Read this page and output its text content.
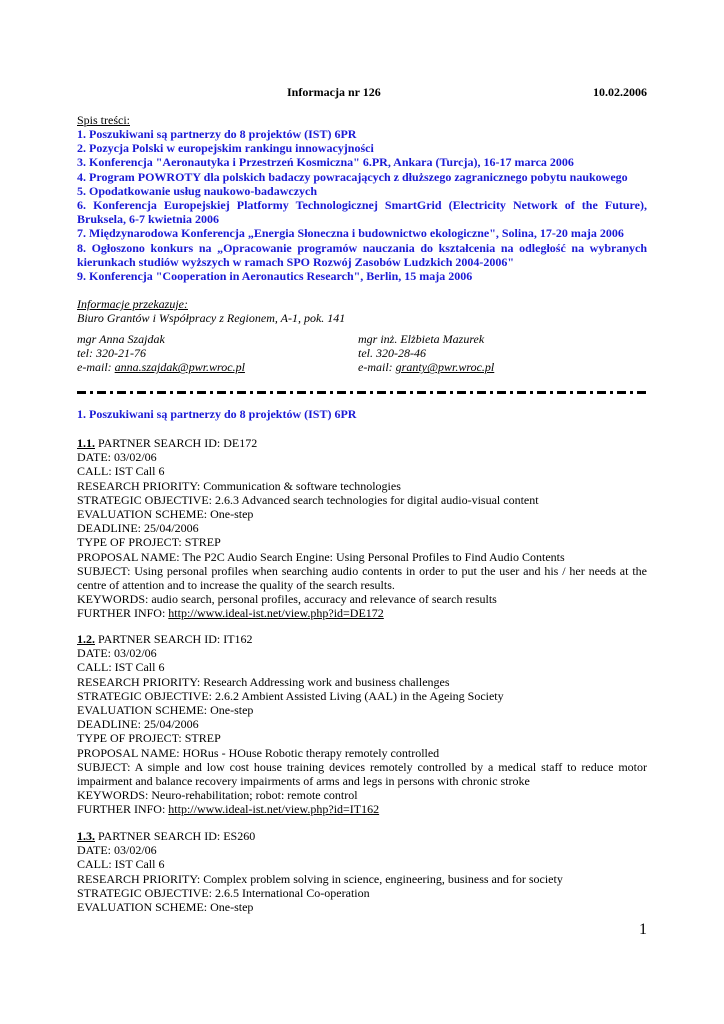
Informacja nr 126	10.02.2006
Spis treści:
1. Poszukiwani są partnerzy do 8 projektów (IST) 6PR
2. Pozycja Polski w europejskim rankingu innowacyjności
3. Konferencja "Aeronautyka i Przestrzeń Kosmiczna" 6.PR, Ankara (Turcja), 16-17 marca 2006
4. Program POWROTY dla polskich badaczy powracających z dłuższego zagranicznego pobytu naukowego
5. Opodatkowanie usług naukowo-badawczych
6. Konferencja Europejskiej Platformy Technologicznej SmartGrid (Electricity Network of the Future),
Bruksela, 6-7 kwietnia 2006
7. Międzynarodowa Konferencja „Energia Słoneczna i budownictwo ekologiczne", Solina, 17-20 maja 2006
8. Ogłoszono konkurs na „Opracowanie programów nauczania do kształcenia na odległość na wybranych
kierunkach studiów wyższych w ramach SPO Rozwój Zasobów Ludzkich 2004-2006"
9. Konferencja "Cooperation in Aeronautics Research", Berlin, 15 maja 2006
Informacje przekazuje:
Biuro Grantów i Współpracy z Regionem, A-1, pok. 141
mgr Anna Szajdak
tel: 320-21-76
e-mail: anna.szajdak@pwr.wroc.pl
mgr inż. Elżbieta Mazurek
tel. 320-28-46
e-mail: granty@pwr.wroc.pl
1. Poszukiwani są partnerzy do 8 projektów (IST) 6PR
1.1. PARTNER SEARCH ID: DE172
DATE: 03/02/06
CALL: IST Call 6
RESEARCH PRIORITY: Communication & software technologies
STRATEGIC OBJECTIVE: 2.6.3 Advanced search technologies for digital audio-visual content
EVALUATION SCHEME: One-step
DEADLINE: 25/04/2006
TYPE OF PROJECT: STREP
PROPOSAL NAME: The P2C Audio Search Engine: Using Personal Profiles to Find Audio Contents
SUBJECT: Using personal profiles when searching audio contents in order to put the user and his / her needs at the
centre of attention and to increase the quality of the search results.
KEYWORDS: audio search, personal profiles, accuracy and relevance of search results
FURTHER INFO: http://www.ideal-ist.net/view.php?id=DE172
1.2. PARTNER SEARCH ID: IT162
DATE: 03/02/06
CALL: IST Call 6
RESEARCH PRIORITY: Research Addressing work and business challenges
STRATEGIC OBJECTIVE: 2.6.2 Ambient Assisted Living (AAL) in the Ageing Society
EVALUATION SCHEME: One-step
DEADLINE: 25/04/2006
TYPE OF PROJECT: STREP
PROPOSAL NAME: HORus - HOuse Robotic therapy remotely controlled
SUBJECT: A simple and low cost house training devices remotely controlled by a medical staff to reduce motor
impairment and balance recovery impairments of arms and legs in persons with chronic stroke
KEYWORDS: Neuro-rehabilitation; robot: remote control
FURTHER INFO: http://www.ideal-ist.net/view.php?id=IT162
1.3. PARTNER SEARCH ID: ES260
DATE: 03/02/06
CALL: IST Call 6
RESEARCH PRIORITY: Complex problem solving in science, engineering, business and for society
STRATEGIC OBJECTIVE: 2.6.5 International Co-operation
EVALUATION SCHEME: One-step
1
